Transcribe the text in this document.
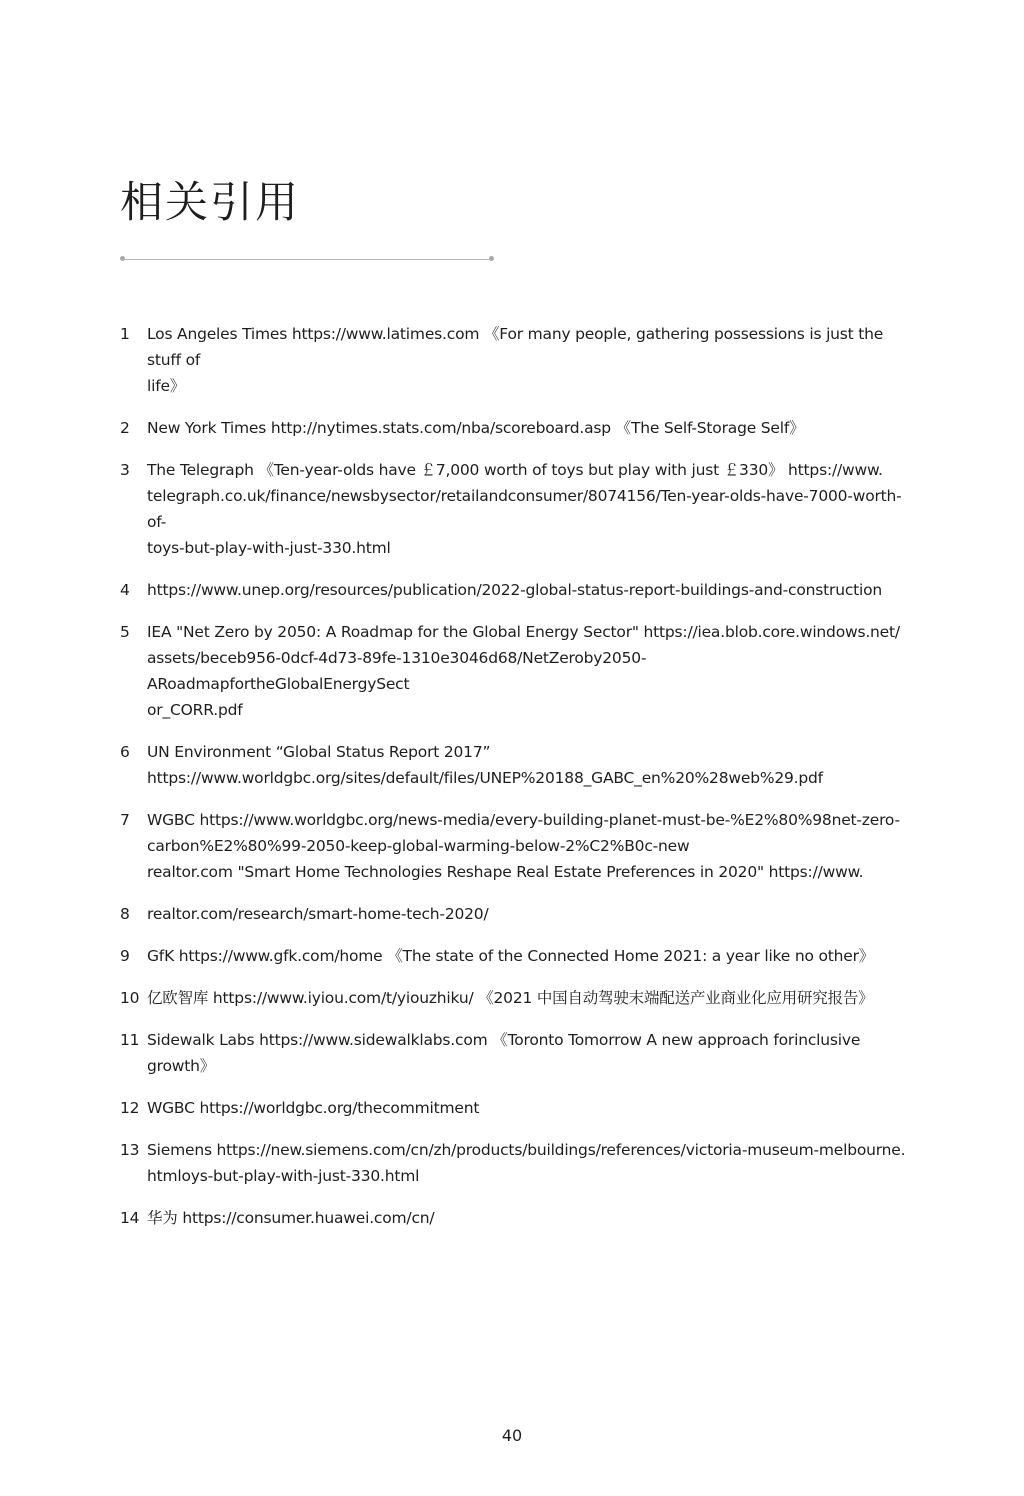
相关引用
1	Los Angeles Times https://www.latimes.com 《For many people, gathering possessions is just the stuff of
life》
2	New York Times http://nytimes.stats.com/nba/scoreboard.asp 《The Self-Storage Self》
3	The Telegraph 《Ten-year-olds have ￡7,000 worth of toys but play with just ￡330》 https://www.
telegraph.co.uk/finance/newsbysector/retailandconsumer/8074156/Ten-year-olds-have-7000-worth-of-
toys-but-play-with-just-330.html
4	https://www.unep.org/resources/publication/2022-global-status-report-buildings-and-construction
5	IEA "Net Zero by 2050: A Roadmap for the Global Energy Sector" https://iea.blob.core.windows.net/
assets/beceb956-0dcf-4d73-89fe-1310e3046d68/NetZeroby2050- ARoadmapfortheGlobalEnergySect
or_CORR.pdf
6	UN Environment “Global Status Report 2017”
https://www.worldgbc.org/sites/default/files/UNEP%20188_GABC_en%20%28web%29.pdf
7	WGBC https://www.worldgbc.org/news-media/every-building-planet-must-be-%E2%80%98net-zero-
carbon%E2%80%99-2050-keep-global-warming-below-2%C2%B0c-new
realtor.com "Smart Home Technologies Reshape Real Estate Preferences in 2020" https://www.
8	realtor.com/research/smart-home-tech-2020/
9	GfK https://www.gfk.com/home 《The state of the Connected Home 2021: a year like no other》
10 亿欧智库 https://www.iyiou.com/t/yiouzhiku/ 《2021 中国自动驾驶末端配送产业商业化应用研究报告》
11 Sidewalk Labs https://www.sidewalklabs.com 《Toronto Tomorrow A new approach forinclusive
growth》
12 WGBC https://worldgbc.org/thecommitment
13 Siemens https://new.siemens.com/cn/zh/products/buildings/references/victoria-museum-melbourne.
htmloys-but-play-with-just-330.html
14 华为 https://consumer.huawei.com/cn/
40
